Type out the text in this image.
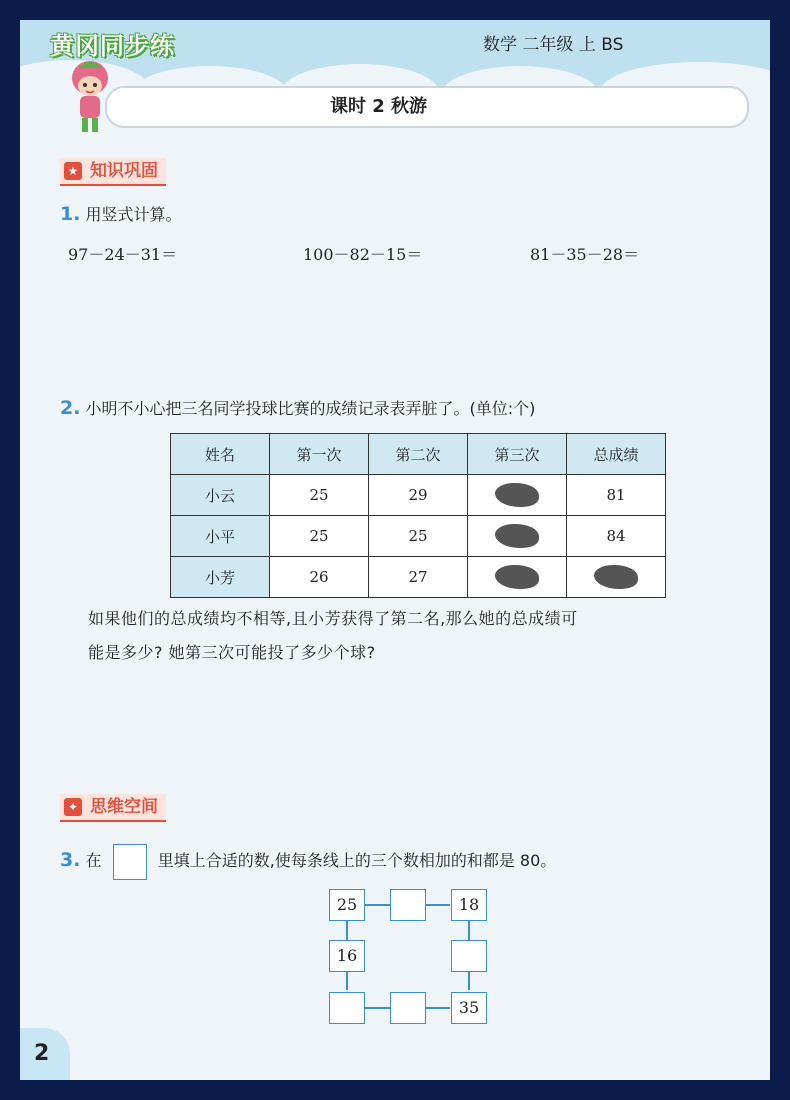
黄冈同步练	数学 二年级 上 BS
课时 2 秋游
★ 知识巩固
1. 用竖式计算。
97－24－31＝	100－82－15＝	81－35－28＝
2. 小明不小心把三名同学投球比赛的成绩记录表弄脏了。(单位:个)
姓名	第一次	第二次	第三次	总成绩
小云	25	29		81
小平	25	25		84
小芳	26	27		
如果他们的总成绩均不相等,且小芳获得了第二名,那么她的总成绩可
能是多少? 她第三次可能投了多少个球?
✦ 思维空间
3. 在	里填上合适的数,使每条线上的三个数相加的和都是 80。
25	18
16
35
2
